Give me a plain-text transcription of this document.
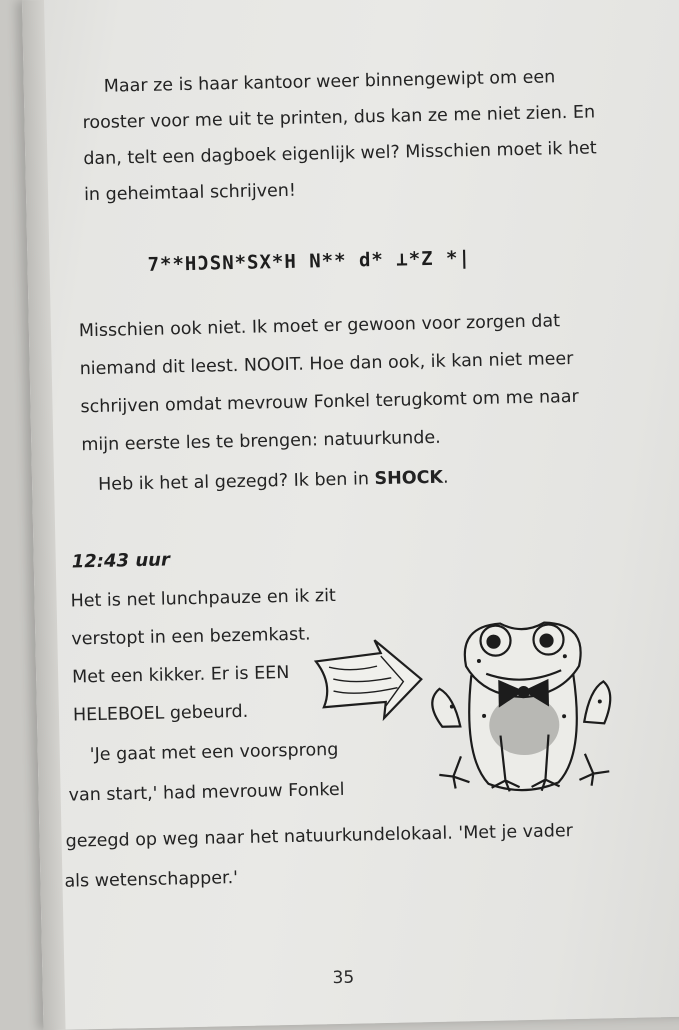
Maar ze is haar kantoor weer binnengewipt om een
rooster voor me uit te printen, dus kan ze me niet zien. En
dan, telt een dagboek eigenlijk wel? Misschien moet ik het
in geheimtaal schrijven!
7**HƆSN*SX*H N** d* ⊥*Z *|
Misschien ook niet. Ik moet er gewoon voor zorgen dat
niemand dit leest. NOOIT. Hoe dan ook, ik kan niet meer
schrijven omdat mevrouw Fonkel terugkomt om me naar
mijn eerste les te brengen: natuurkunde.
Heb ik het al gezegd? Ik ben in SHOCK.
12:43 uur
Het is net lunchpauze en ik zit
verstopt in een bezemkast.
Met een kikker. Er is EEN
HELEBOEL gebeurd.
'Je gaat met een voorsprong
van start,' had mevrouw Fonkel
gezegd op weg naar het natuurkundelokaal. 'Met je vader
als wetenschapper.'
35
